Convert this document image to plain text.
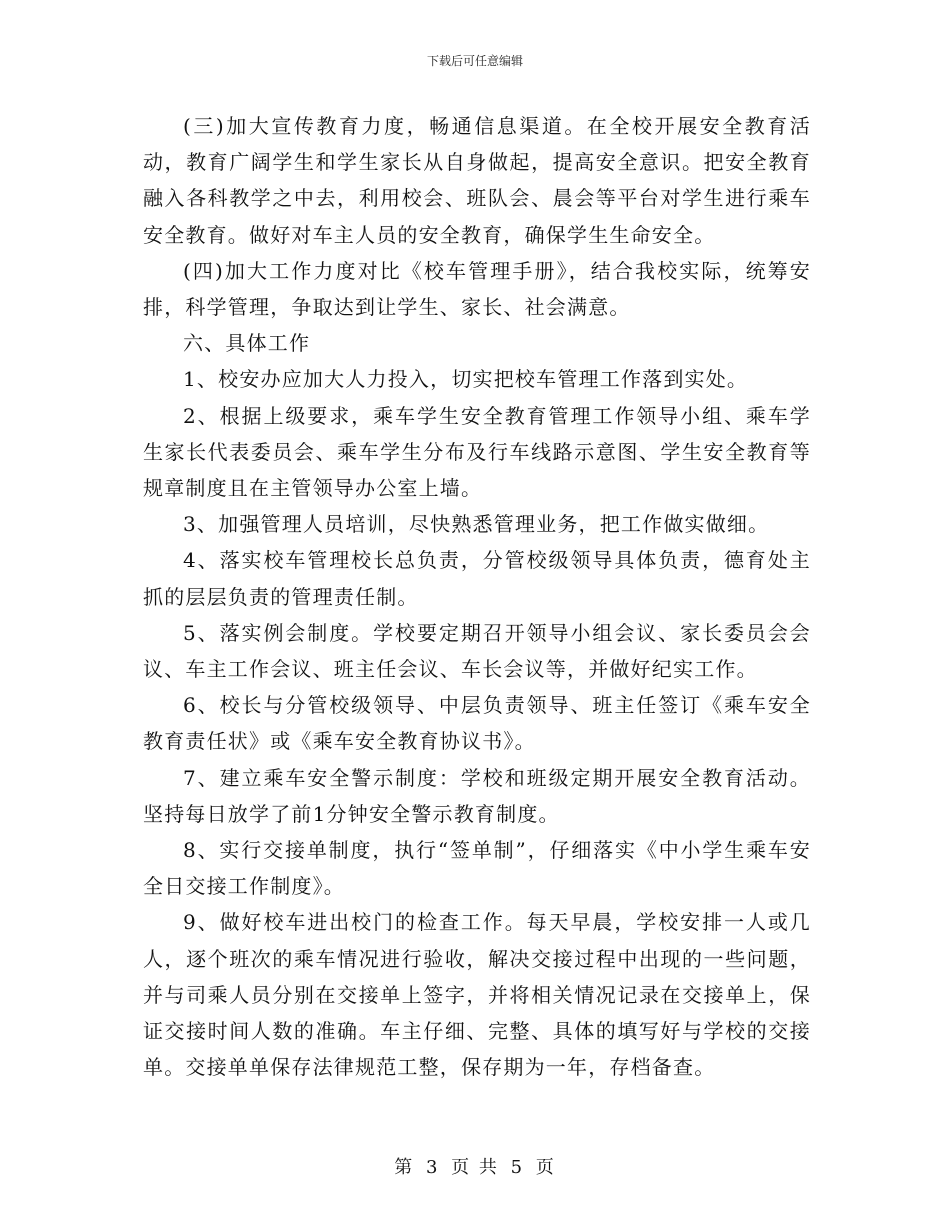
下载后可任意编辑

(三)加大宣传教育力度，畅通信息渠道。在全校开展安全教育活动，教育广阔学生和学生家长从自身做起，提高安全意识。把安全教育融入各科教学之中去，利用校会、班队会、晨会等平台对学生进行乘车安全教育。做好对车主人员的安全教育，确保学生生命安全。

(四)加大工作力度对比《校车管理手册》，结合我校实际，统筹安排，科学管理，争取达到让学生、家长、社会满意。

六、具体工作

1、校安办应加大人力投入，切实把校车管理工作落到实处。

2、根据上级要求，乘车学生安全教育管理工作领导小组、乘车学生家长代表委员会、乘车学生分布及行车线路示意图、学生安全教育等规章制度且在主管领导办公室上墙。

3、加强管理人员培训，尽快熟悉管理业务，把工作做实做细。

4、落实校车管理校长总负责，分管校级领导具体负责，德育处主抓的层层负责的管理责任制。

5、落实例会制度。学校要定期召开领导小组会议、家长委员会会议、车主工作会议、班主任会议、车长会议等，并做好纪实工作。

6、校长与分管校级领导、中层负责领导、班主任签订《乘车安全教育责任状》或《乘车安全教育协议书》。

7、建立乘车安全警示制度：学校和班级定期开展安全教育活动。坚持每日放学了前1分钟安全警示教育制度。

8、实行交接单制度，执行“签单制”，仔细落实《中小学生乘车安全日交接工作制度》。

9、做好校车进出校门的检查工作。每天早晨，学校安排一人或几人，逐个班次的乘车情况进行验收，解决交接过程中出现的一些问题，并与司乘人员分别在交接单上签字，并将相关情况记录在交接单上，保证交接时间人数的准确。车主仔细、完整、具体的填写好与学校的交接单。交接单单保存法律规范工整，保存期为一年，存档备查。

第 3 页 共 5 页
